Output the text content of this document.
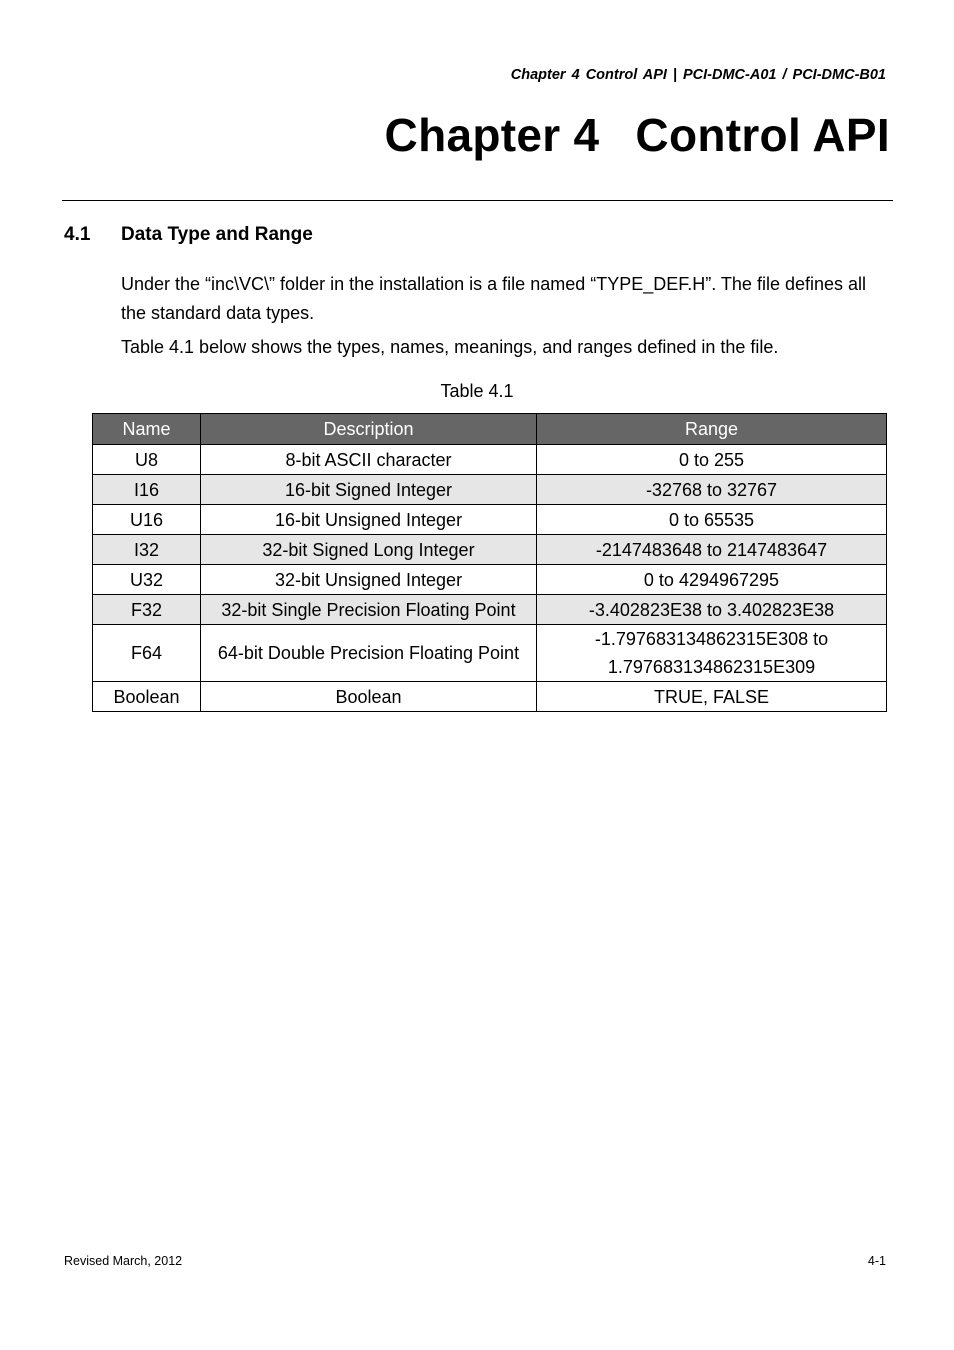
Chapter 4 Control API | PCI-DMC-A01 / PCI-DMC-B01
Chapter 4 Control API
4.1 Data Type and Range
Under the “inc\VC\” folder in the installation is a file named “TYPE_DEF.H”. The file defines all the standard data types.
Table 4.1 below shows the types, names, meanings, and ranges defined in the file.
Table 4.1
Name	Description	Range
U8	8-bit ASCII character	0 to 255
I16	16-bit Signed Integer	-32768 to 32767
U16	16-bit Unsigned Integer	0 to 65535
I32	32-bit Signed Long Integer	-2147483648 to 2147483647
U32	32-bit Unsigned Integer	0 to 4294967295
F32	32-bit Single Precision Floating Point	-3.402823E38 to 3.402823E38
F64	64-bit Double Precision Floating Point	-1.797683134862315E308 to 1.797683134862315E309
Boolean	Boolean	TRUE, FALSE
Revised March, 2012	4-1
